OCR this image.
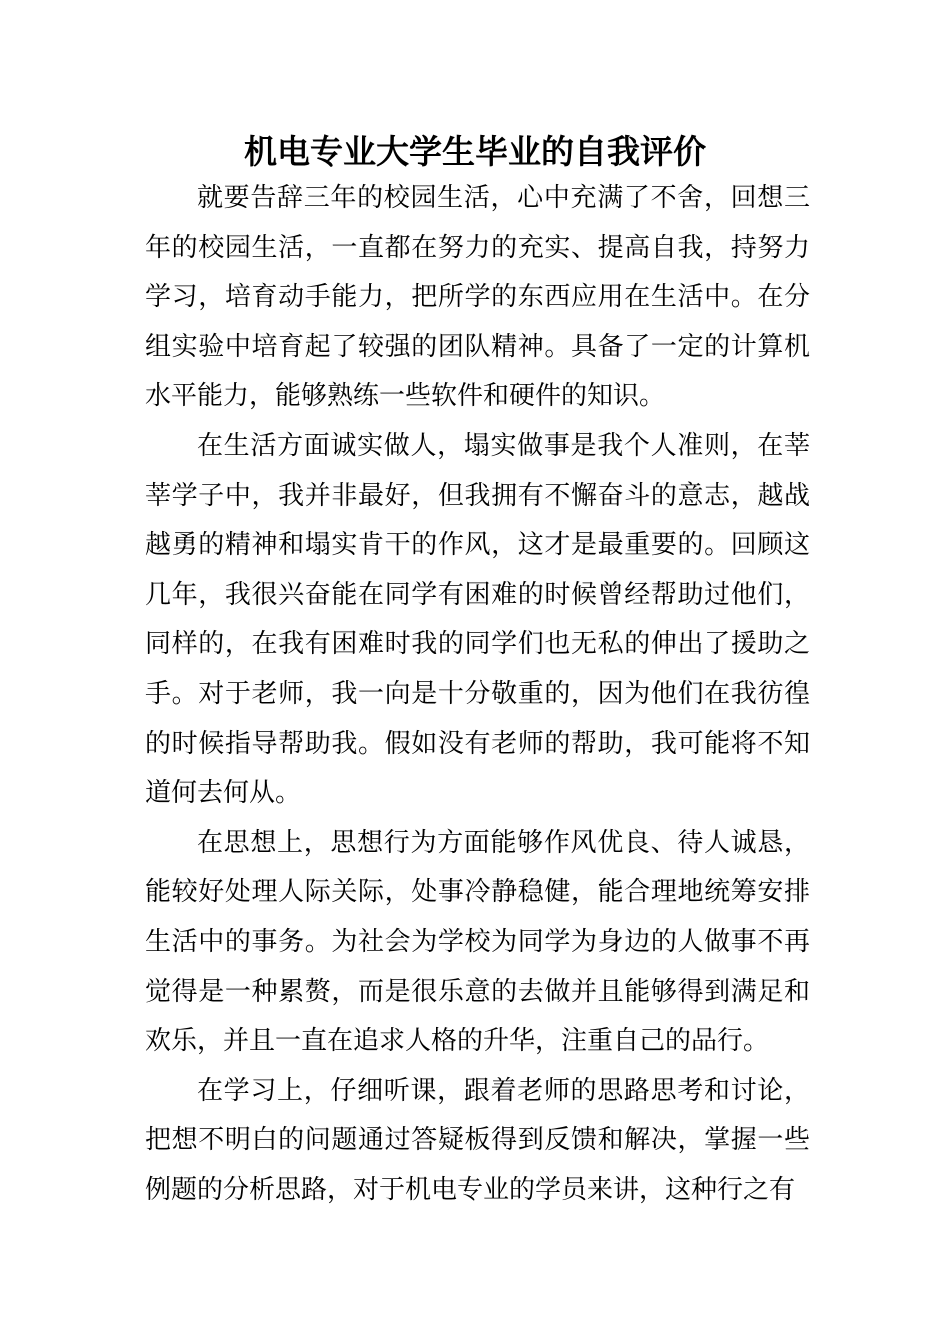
机电专业大学生毕业的自我评价

就要告辞三年的校园生活，心中充满了不舍，回想三年的校园生活，一直都在努力的充实、提高自我，持努力学习，培育动手能力，把所学的东西应用在生活中。在分组实验中培育起了较强的团队精神。具备了一定的计算机水平能力，能够熟练一些软件和硬件的知识。

在生活方面诚实做人，塌实做事是我个人准则，在莘莘学子中，我并非最好，但我拥有不懈奋斗的意志，越战越勇的精神和塌实肯干的作风，这才是最重要的。回顾这几年，我很兴奋能在同学有困难的时候曾经帮助过他们，同样的，在我有困难时我的同学们也无私的伸出了援助之手。对于老师，我一向是十分敬重的，因为他们在我彷徨的时候指导帮助我。假如没有老师的帮助，我可能将不知道何去何从。

在思想上，思想行为方面能够作风优良、待人诚恳，能较好处理人际关际，处事冷静稳健，能合理地统筹安排生活中的事务。为社会为学校为同学为身边的人做事不再觉得是一种累赘，而是很乐意的去做并且能够得到满足和欢乐，并且一直在追求人格的升华，注重自己的品行。

在学习上，仔细听课，跟着老师的思路思考和讨论，把想不明白的问题通过答疑板得到反馈和解决，掌握一些例题的分析思路，对于机电专业的学员来讲，这种行之有
